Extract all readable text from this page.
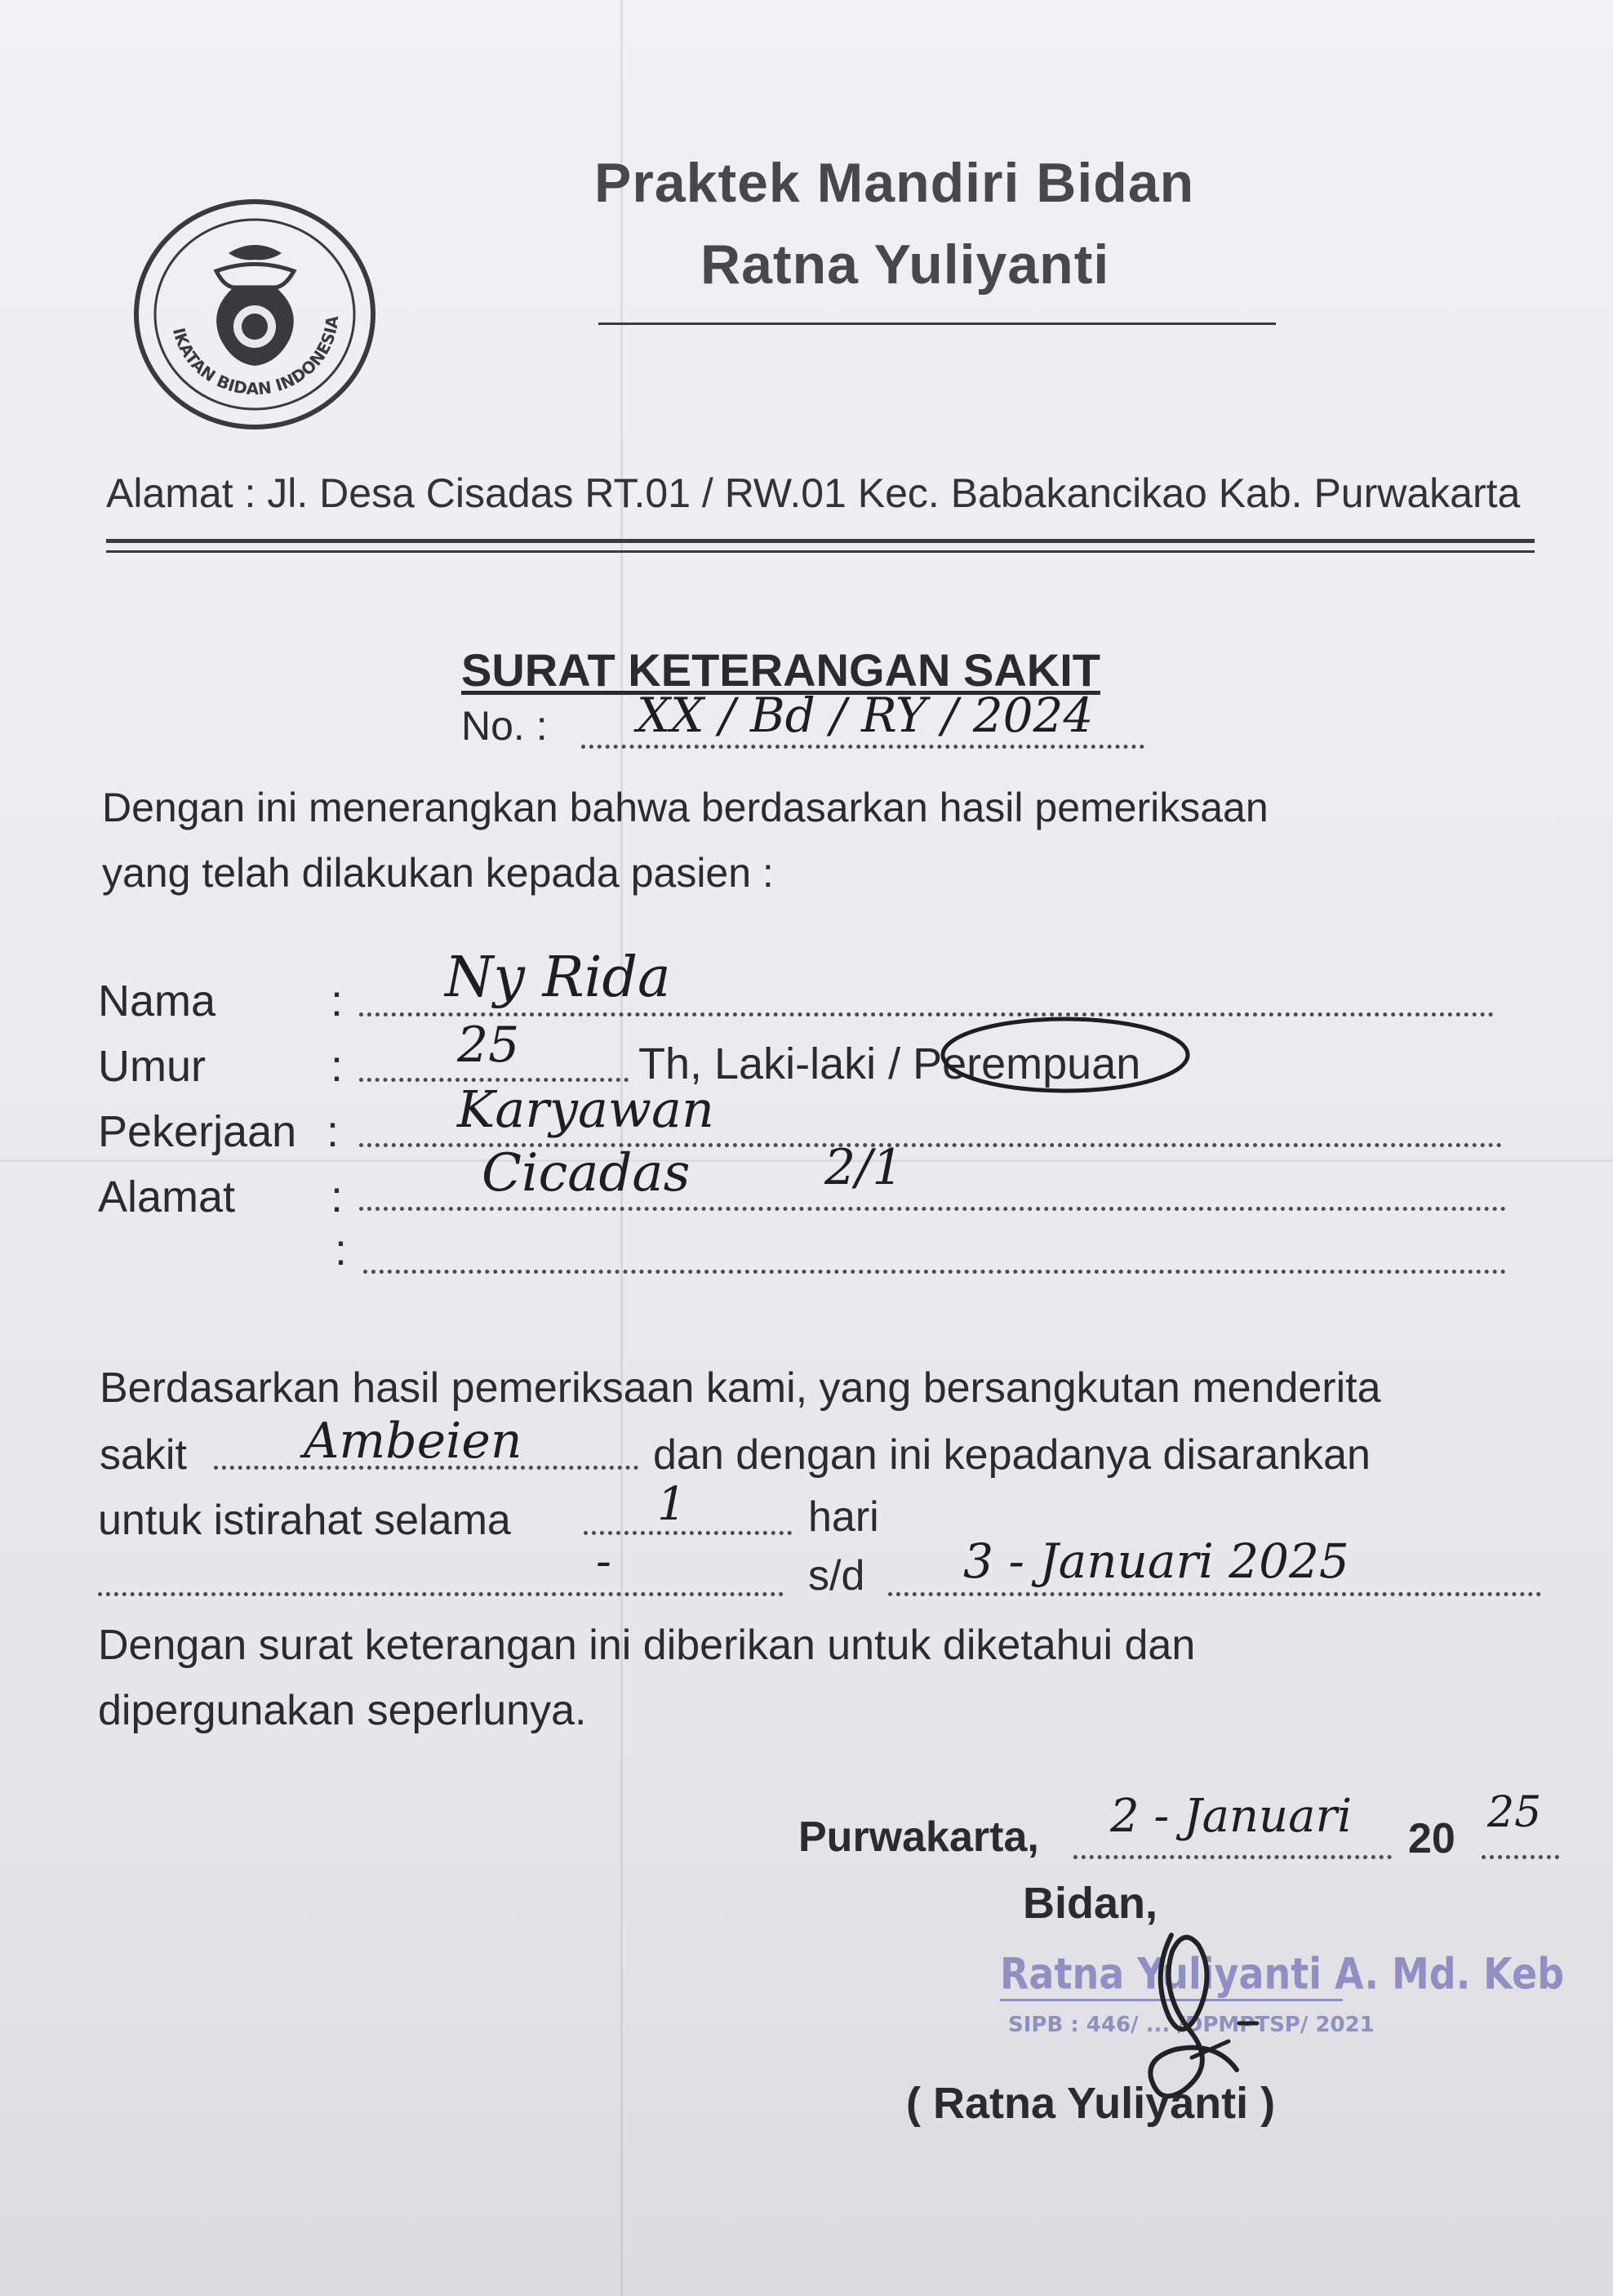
IKATAN BIDAN INDONESIA
Praktek Mandiri Bidan
Ratna Yuliyanti
Alamat : Jl. Desa Cisadas RT.01 / RW.01 Kec. Babakancikao Kab. Purwakarta
SURAT KETERANGAN SAKIT
No. : XX / Bd / RY / 2024
Dengan ini menerangkan bahwa berdasarkan hasil pemeriksaan
yang telah dilakukan kepada pasien :
Nama	: Ny Rida
Umur	: 25	Th, Laki-laki / Perempuan
Pekerjaan : Karyawan
Alamat :	Cicadas	2/1
:
Berdasarkan hasil pemeriksaan kami, yang bersangkutan menderita
sakit Ambeien	dan dengan ini kepadanya disarankan
untuk istirahat selama	1	hari
-	s/d 3 - Januari 2025
Dengan surat keterangan ini diberikan untuk diketahui dan
dipergunakan seperlunya.
Purwakarta, 2 - Januari 20
25
Bidan,
Ratna Yuliyanti A. Md. Keb
SIPB : 446/ ... /DPMPTSP/ 2021
( Ratna Yuliyanti )
